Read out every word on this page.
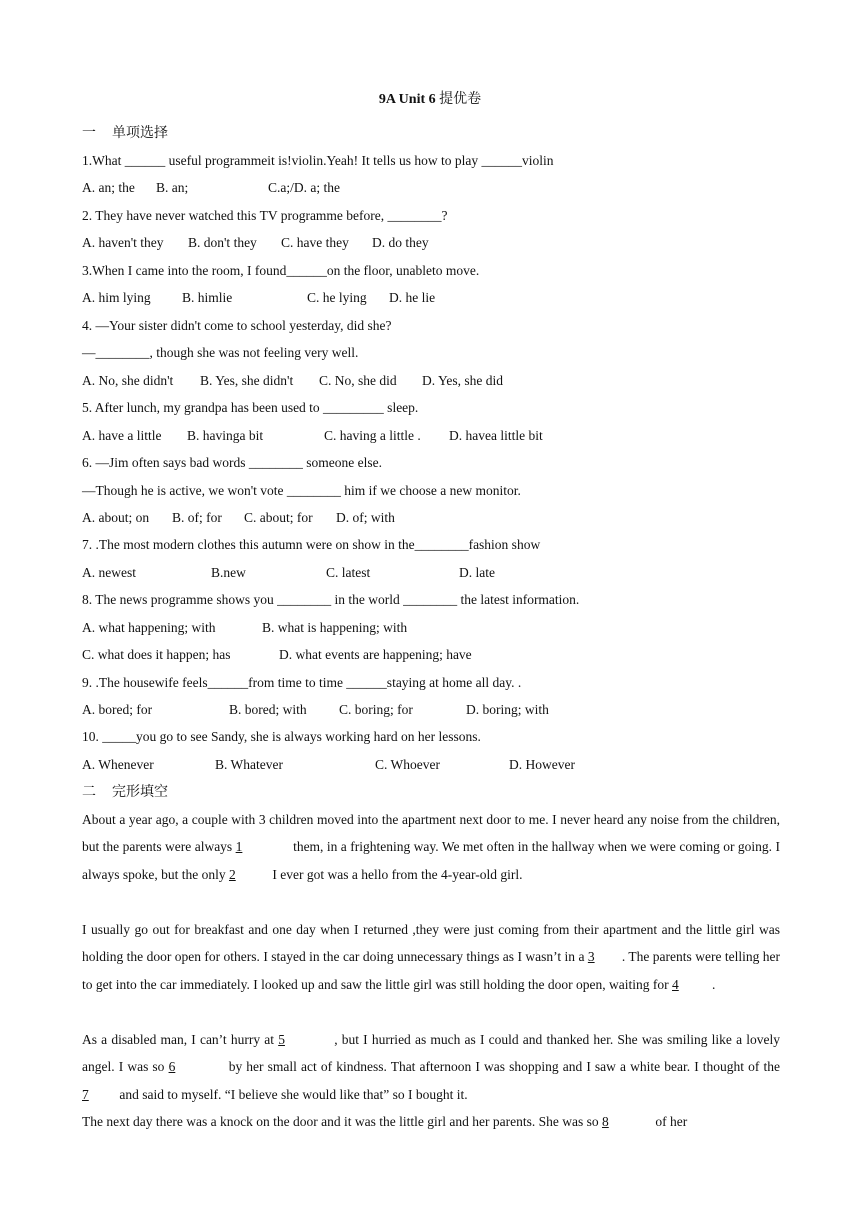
9A Unit 6 提优卷
一 单项选择
1.What ______ useful programmeit is!violin.Yeah! It tells us how to play ______violin
A. an; the B. an;	C.a;/D. a; the
2. They have never watched this TV programme before, ________?
A. haven't they B. don't they C. have they D. do they
3.When I came into the room, I found______on the floor, unableto move.
A. him lying B. himlie	C. he lying D. he lie
4. —Your sister didn't come to school yesterday, did she?
—________, though she was not feeling very well.
A. No, she didn't B. Yes, she didn't C. No, she did D. Yes, she did
5. After lunch, my grandpa has been used to _________ sleep.
A. have a little B. havinga bit	C. having a little . D. havea little bit
6. —Jim often says bad words ________ someone else.
—Though he is active, we won't vote ________ him if we choose a new monitor.
A. about; on B. of; for C. about; for D. of; with
7. .The most modern clothes this autumn were on show in the________fashion show
A. newest	B.new	C. latest	D. late
8. The news programme shows you ________ in the world ________ the latest information.
A. what happening; with	B. what is happening; with
C. what does it happen; has	D. what events are happening; have
9. .The housewife feels______from time to time ______staying at home all day. .
A. bored; for	B. bored; with C. boring; for	D. boring; with
10. _____you go to see Sandy, she is always working hard on her lessons.
A. Whenever	B. Whatever	C. Whoever	D. However
二 完形填空
About a year ago, a couple with 3 children moved into the apartment next door to me. I never heard any noise from the children, but the parents were always 1	them, in a frightening way. We met often in the hallway when we were coming or going. I always spoke, but the only 2	I ever got was a hello from the 4-year-old girl.
I usually go out for breakfast and one day when I returned ,they were just coming from their apartment and the little girl was holding the door open for others. I stayed in the car doing unnecessary things as I wasn’t in a 3 . The parents were telling her to get into the car immediately. I looked up and saw the little girl was still holding the door open, waiting for 4 .
As a disabled man, I can’t hurry at 5	, but I hurried as much as I could and thanked her. She was smiling like a lovely angel. I was so 6	by her small act of kindness. That afternoon I was shopping and I saw a white bear. I thought of the 7 and said to myself. “I believe she would like that” so I bought it.
The next day there was a knock on the door and it was the little girl and her parents. She was so 8	of her
